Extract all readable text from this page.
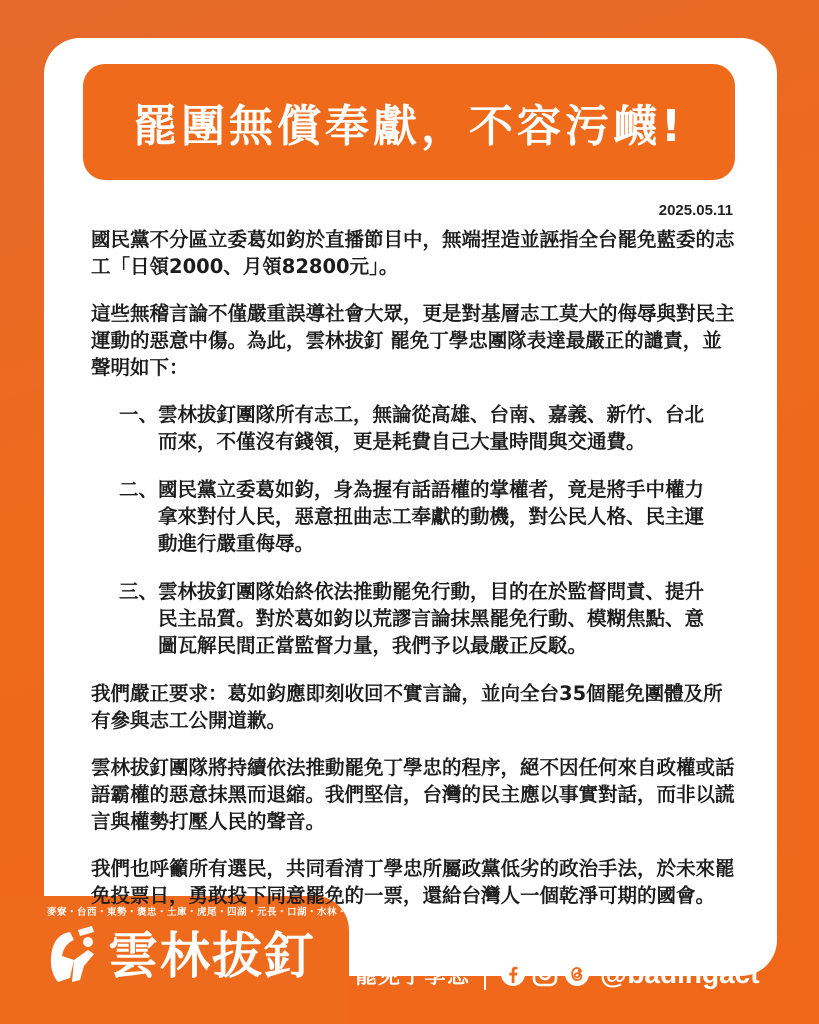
罷團無償奉獻，不容污衊!
2025.05.11

國民黨不分區立委葛如鈞於直播節目中，無端捏造並誣指全台罷免藍委的志工「日領2000、月領82800元」。

這些無稽言論不僅嚴重誤導社會大眾，更是對基層志工莫大的侮辱與對民主運動的惡意中傷。為此，雲林拔釘 罷免丁學忠團隊表達最嚴正的譴責，並聲明如下：

一、 雲林拔釘團隊所有志工，無論從高雄、台南、嘉義、新竹、台北而來，不僅沒有錢領，更是耗費自己大量時間與交通費。
二、 國民黨立委葛如鈞，身為握有話語權的掌權者，竟是將手中權力拿來對付人民，惡意扭曲志工奉獻的動機，對公民人格、民主運動進行嚴重侮辱。
三、 雲林拔釘團隊始終依法推動罷免行動，目的在於監督問責、提升民主品質。對於葛如鈞以荒謬言論抹黑罷免行動、模糊焦點、意圖瓦解民間正當監督力量，我們予以最嚴正反駁。

我們嚴正要求：葛如鈞應即刻收回不實言論，並向全台35個罷免團體及所有參與志工公開道歉。

雲林拔釘團隊將持續依法推動罷免丁學忠的程序，絕不因任何來自政權或話語霸權的惡意抹黑而退縮。我們堅信，台灣的民主應以事實對話，而非以謊言與權勢打壓人民的聲音。

我們也呼籲所有選民，共同看清丁學忠所屬政黨低劣的政治手法，於未來罷免投票日，勇敢投下同意罷免的一票，還給台灣人一個乾淨可期的國會。

麥寮・台西・東勢・褒忠・土庫・虎尾・四湖・元長・口湖・水林・北港
雲林拔釘 罷免丁學忠	@badingact
